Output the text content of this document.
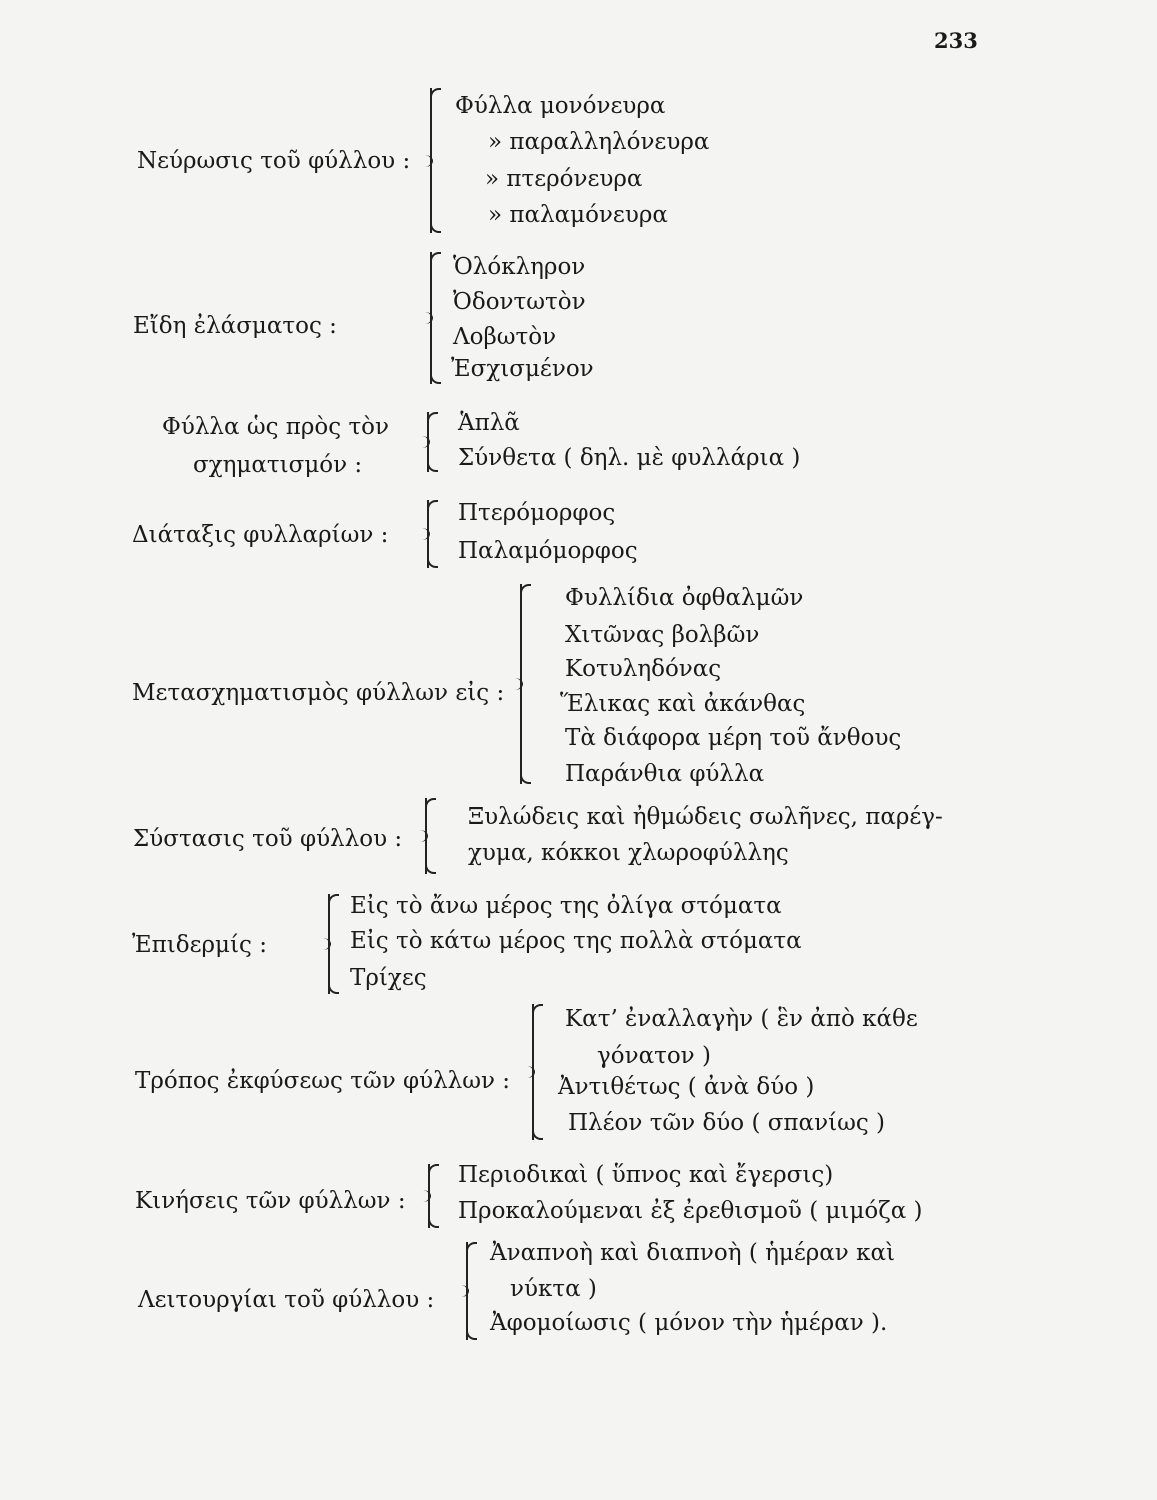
233
Νεύρωσις τοῦ φύλλου :
Φύλλα μονόνευρα
» παραλληλόνευρα
» πτερόνευρα
» παλαμόνευρα
Εἴδη ἐλάσματος :
Ὁλόκληρον
Ὀδοντωτὸν
Λοβωτὸν
Ἐσχισμένον
Φύλλα ὡς πρὸς τὸν
σχηματισμόν :
Ἁπλᾶ
Σύνθετα ( δηλ. μὲ φυλλάρια )
Διάταξις φυλλαρίων :
Πτερόμορφος
Παλαμόμορφος
Μετασχηματισμὸς φύλλων εἰς :
Φυλλίδια ὀφθαλμῶν
Χιτῶνας βολβῶν
Κοτυληδόνας
Ἕλικας καὶ ἀκάνθας
Τὰ διάφορα μέρη τοῦ ἄνθους
Παράνθια φύλλα
Σύστασις τοῦ φύλλου :
Ξυλώδεις καὶ ἠθμώδεις σωλῆνες, παρέγ-
χυμα, κόκκοι χλωροφύλλης
Ἐπιδερμίς :
Εἰς τὸ ἄνω μέρος της ὀλίγα στόματα
Εἰς τὸ κάτω μέρος της πολλὰ στόματα
Τρίχες
Τρόπος ἐκφύσεως τῶν φύλλων :
Κατ’ ἐναλλαγὴν ( ἓν ἀπὸ κάθε
γόνατον )
Ἀντιθέτως ( ἀνὰ δύο )
Πλέον τῶν δύο ( σπανίως )
Κινήσεις τῶν φύλλων :
Περιοδικαὶ ( ὕπνος καὶ ἔγερσις)
Προκαλούμεναι ἐξ ἐρεθισμοῦ ( μιμόζα )
Λειτουργίαι τοῦ φύλλου :
Ἀναπνοὴ καὶ διαπνοὴ ( ἡμέραν καὶ
νύκτα )
Ἀφομοίωσις ( μόνον τὴν ἡμέραν ).
